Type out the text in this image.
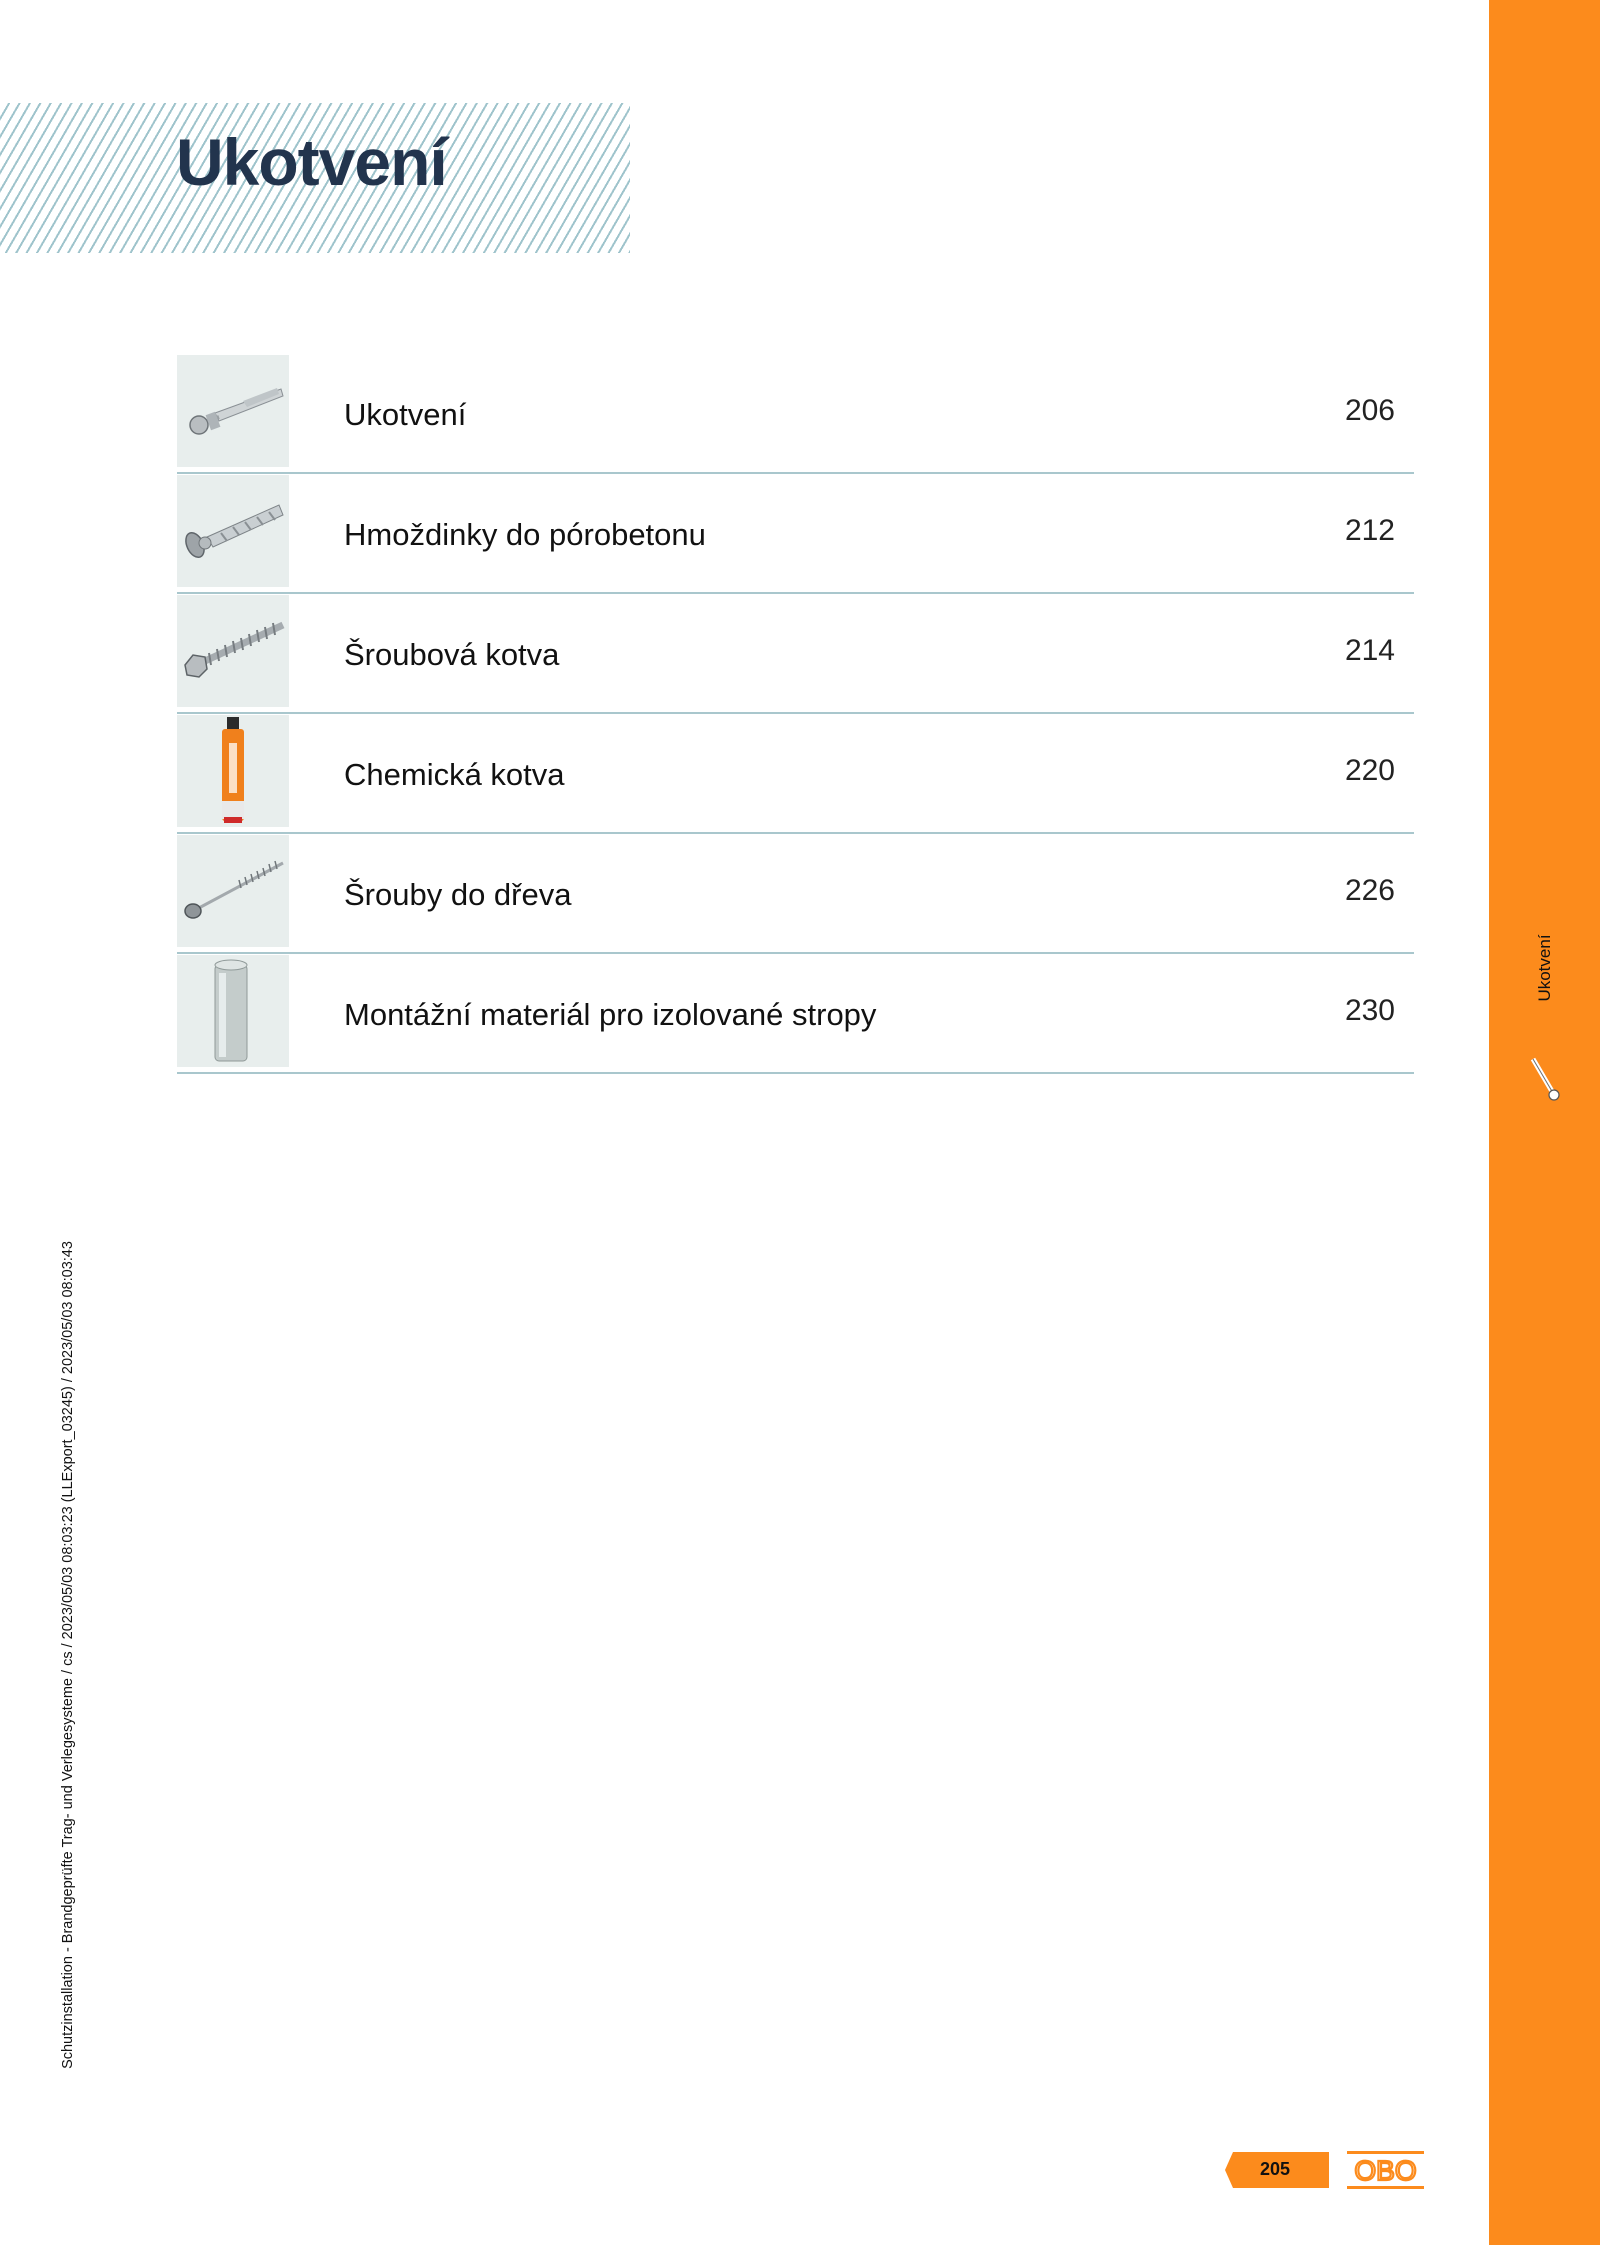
Ukotvení
Ukotvení	206
Hmoždinky do pórobetonu	212
Šroubová kotva	214
Chemická kotva	220
Šrouby do dřeva	226
Montážní materiál pro izolované stropy	230
Ukotvení
Schutzinstallation - Brandgeprüfte Trag- und Verlegesysteme / cs / 2023/05/03 08:03:23 (LLExport_03245) / 2023/05/03 08:03:43
205 OBO
